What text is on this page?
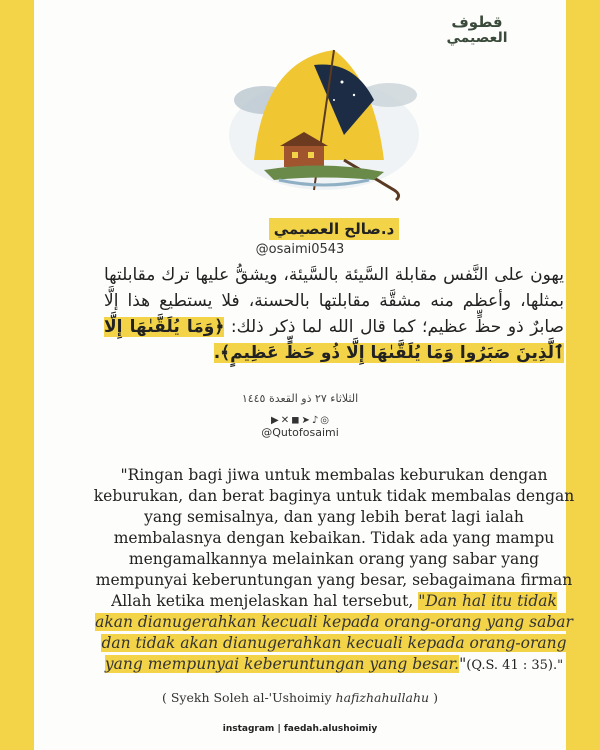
قطوف
العصيمي
د.صالح العصيمي
@osaimi0543
يهون على النَّفس مقابلة السَّيئة بالسَّيئة، ويشقُّ عليها ترك مقابلتها بمثلها، وأعظم منه مشقَّة مقابلتها بالحسنة، فلا يستطيع هذا إلَّا صابرٌ ذو حظٍّ عظيم؛ كما قال الله لما ذكر ذلك: ﴿وَمَا يُلَقَّىٰهَا إِلَّا ٱلَّذِينَ صَبَرُوا وَمَا يُلَقَّىٰهَا إِلَّا ذُو حَظٍّ عَظِيمٍ﴾.
الثلاثاء ٢٧ ذو القعدة ١٤٤٥
▶ ✕ ◼ ➤ ♪ ◎
@Qutofosaimi
"Ringan bagi jiwa untuk membalas keburukan dengan keburukan, dan berat baginya untuk tidak membalas dengan yang semisalnya, dan yang lebih berat lagi ialah membalasnya dengan kebaikan. Tidak ada yang mampu mengamalkannya melainkan orang yang sabar yang mempunyai keberuntungan yang besar, sebagaimana firman Allah ketika menjelaskan hal tersebut, "Dan hal itu tidak akan dianugerahkan kecuali kepada orang-orang yang sabar dan tidak akan dianugerahkan kecuali kepada orang-orang yang mempunyai keberuntungan yang besar."(Q.S. 41 : 35)."
( Syekh Soleh al-'Ushoimiy hafizhahullahu )
instagram | faedah.alushoimiy
